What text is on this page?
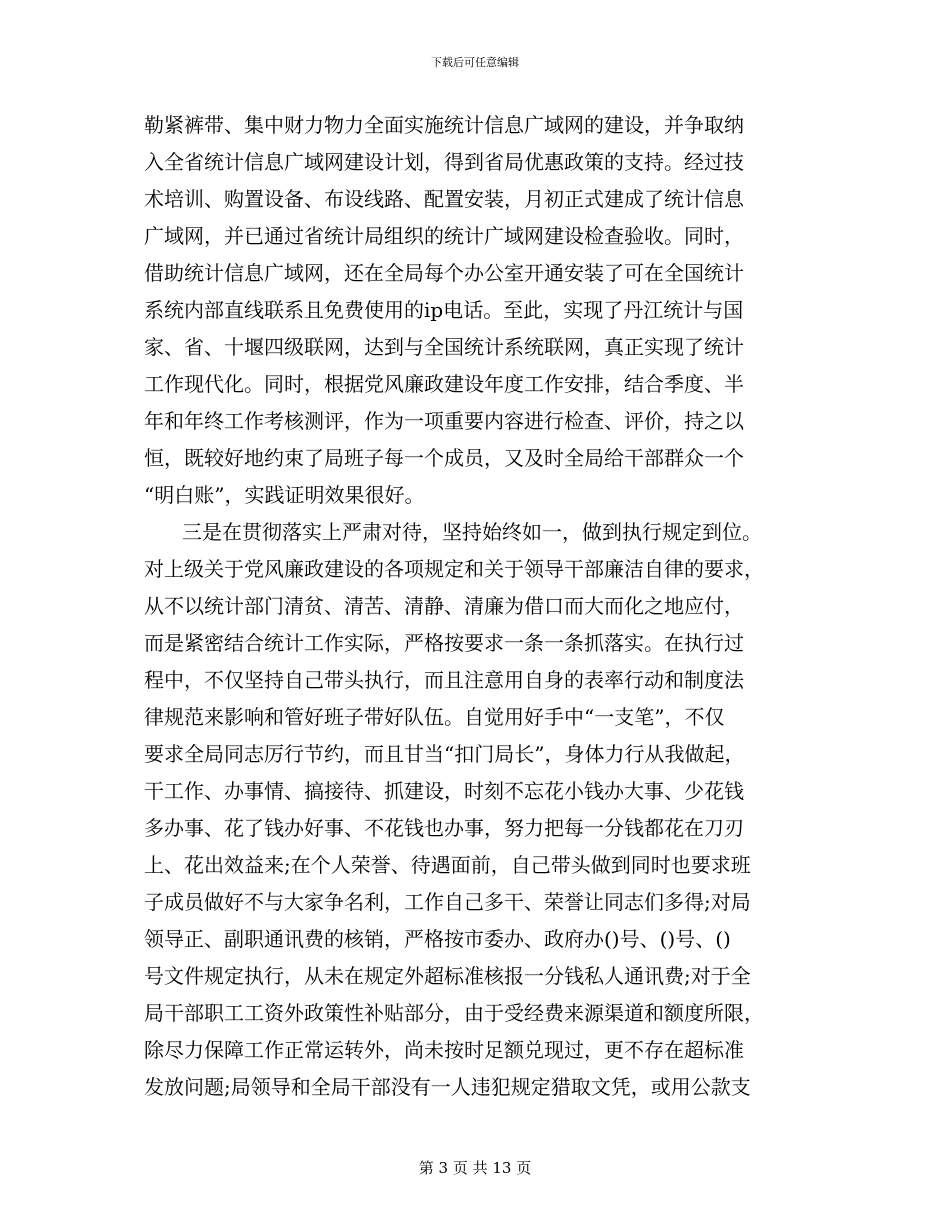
下载后可任意编辑
勒紧裤带、集中财力物力全面实施统计信息广域网的建设，并争取纳
入全省统计信息广域网建设计划，得到省局优惠政策的支持。经过技
术培训、购置设备、布设线路、配置安装，月初正式建成了统计信息
广域网，并已通过省统计局组织的统计广域网建设检查验收。同时，
借助统计信息广域网，还在全局每个办公室开通安装了可在全国统计
系统内部直线联系且免费使用的ip电话。至此，实现了丹江统计与国
家、省、十堰四级联网，达到与全国统计系统联网，真正实现了统计
工作现代化。同时，根据党风廉政建设年度工作安排，结合季度、半
年和年终工作考核测评，作为一项重要内容进行检查、评价，持之以
恒，既较好地约束了局班子每一个成员，又及时全局给干部群众一个
“明白账”，实践证明效果很好。
三是在贯彻落实上严肃对待，坚持始终如一，做到执行规定到位。
对上级关于党风廉政建设的各项规定和关于领导干部廉洁自律的要求，
从不以统计部门清贫、清苦、清静、清廉为借口而大而化之地应付，
而是紧密结合统计工作实际，严格按要求一条一条抓落实。在执行过
程中，不仅坚持自己带头执行，而且注意用自身的表率行动和制度法
律规范来影响和管好班子带好队伍。自觉用好手中“一支笔”，不仅
要求全局同志厉行节约，而且甘当“扣门局长”，身体力行从我做起，
干工作、办事情、搞接待、抓建设，时刻不忘花小钱办大事、少花钱
多办事、花了钱办好事、不花钱也办事，努力把每一分钱都花在刀刃
上、花出效益来;在个人荣誉、待遇面前，自己带头做到同时也要求班
子成员做好不与大家争名利，工作自己多干、荣誉让同志们多得;对局
领导正、副职通讯费的核销，严格按市委办、政府办()号、()号、()
号文件规定执行，从未在规定外超标准核报一分钱私人通讯费;对于全
局干部职工工资外政策性补贴部分，由于受经费来源渠道和额度所限，
除尽力保障工作正常运转外，尚未按时足额兑现过，更不存在超标准
发放问题;局领导和全局干部没有一人违犯规定猎取文凭，或用公款支
第 3 页 共 13 页
